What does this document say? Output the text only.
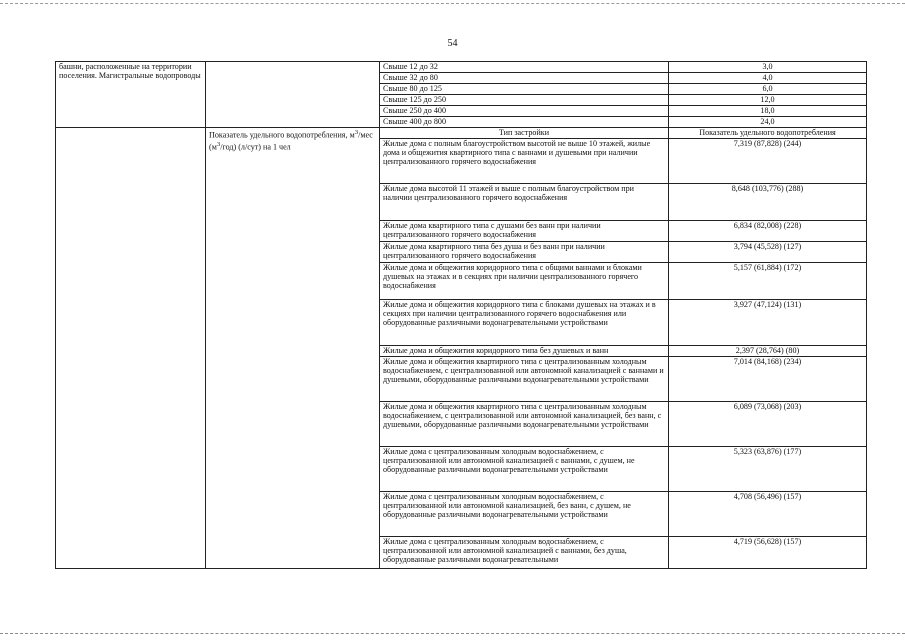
54
башни, расположенные на территории поселения. Магистральные водопроводы		Свыше 12 до 32	3,0
		Свыше 32 до 80	4,0
		Свыше 80 до 125	6,0
		Свыше 125 до 250	12,0
		Свыше 250 до 400	18,0
		Свыше 400 до 800	24,0
	Показатель удельного водопотребления, $м^3$/мес $(м^3/год)$ (л/сут) на 1 чел	Тип застройки	Показатель удельного водопотребления
		Жилые дома с полным благоустройством высотой не выше 10 этажей, жилые дома и общежития квартирного типа с ваннами и душевыми при наличии централизованного горячего водоснабжения	7,319 (87,828) (244)
		Жилые дома высотой 11 этажей и выше с полным благоустройством при наличии централизованного горячего водоснабжения	8,648 (103,776) (288)
		Жилые дома квартирного типа с душами без ванн при наличии централизованного горячего водоснабжения	6,834 (82,008) (228)
		Жилые дома квартирного типа без душа и без ванн при наличии централизованного горячего водоснабжения	3,794 (45,528) (127)
		Жилые дома и общежития коридорного типа с общими ваннами и блоками душевых на этажах и в секциях при наличии централизованного горячего водоснабжения	5,157 (61,884) (172)
		Жилые дома и общежития коридорного типа с блоками душевых на этажах и в секциях при наличии централизованного горячего водоснабжения или оборудованные различными водонагревательными устройствами	3,927 (47,124) (131)
		Жилые дома и общежития коридорного типа без душевых и ванн	2,397 (28,764) (80)
		Жилые дома и общежития квартирного типа с централизованным холодным водоснабжением, с централизованной или автономной канализацией с ваннами и душевыми, оборудованные различными водонагревательными устройствами	7,014 (84,168) (234)
		Жилые дома и общежития квартирного типа с централизованным холодным водоснабжением, с централизованной или автономной канализацией, без ванн, с душевыми, оборудованные различными водонагревательными устройствами	6,089 (73,068) (203)
		Жилые дома с централизованным холодным водоснабжением, с централизованной или автономной канализацией с ваннами, с душем, не оборудованные различными водонагревательными устройствами	5,323 (63,876) (177)
		Жилые дома с централизованным холодным водоснабжением, с централизованной или автономной канализацией, без ванн, с душем, не оборудованные различными водонагревательными устройствами	4,708 (56,496) (157)
		Жилые дома с централизованным холодным водоснабжением, с централизованной или автономной канализацией с ваннами, без душа, оборудованные различными водонагревательными	4,719 (56,628) (157)
